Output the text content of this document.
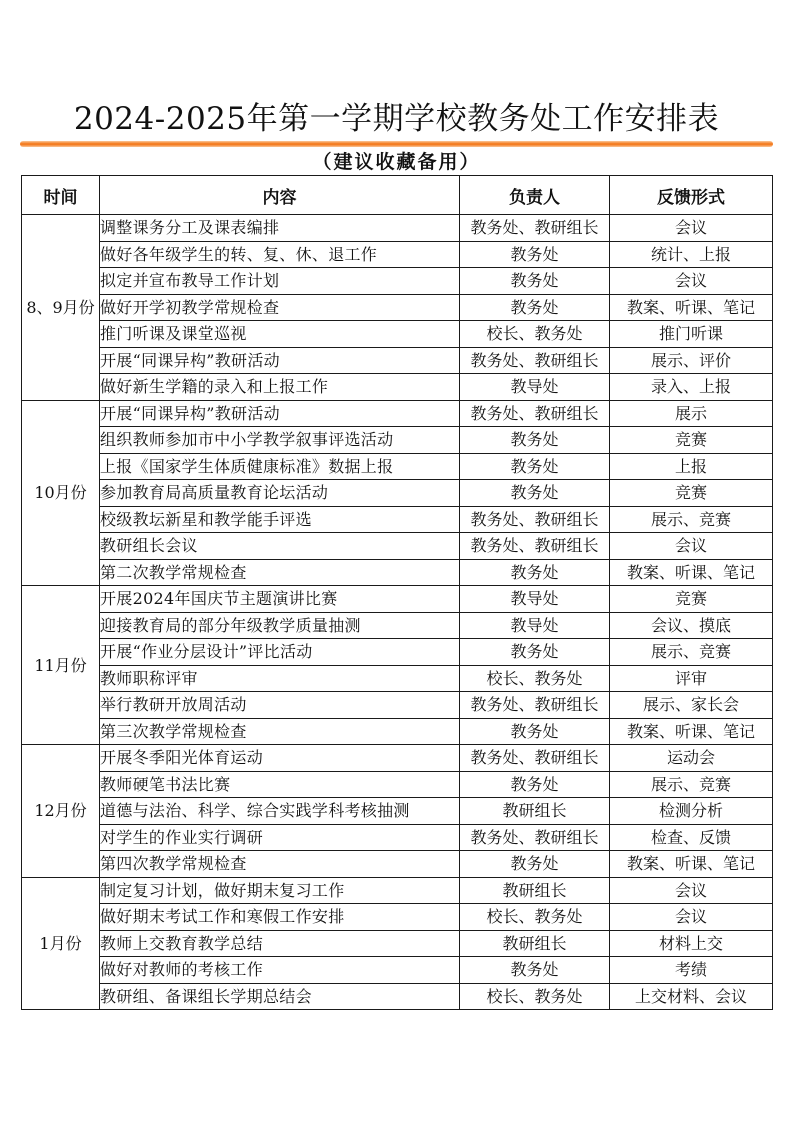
2024-2025年第一学期学校教务处工作安排表
（建议收藏备用）
时间	内容	负责人	反馈形式
8、9月份	调整课务分工及课表编排	教务处、教研组长	会议
	做好各年级学生的转、复、休、退工作	教务处	统计、上报
	拟定并宣布教导工作计划	教务处	会议
	做好开学初教学常规检查	教务处	教案、听课、笔记
	推门听课及课堂巡视	校长、教务处	推门听课
	开展“同课异构”教研活动	教务处、教研组长	展示、评价
	做好新生学籍的录入和上报工作	教导处	录入、上报
10月份	开展“同课异构”教研活动	教务处、教研组长	展示
	组织教师参加市中小学教学叙事评选活动	教务处	竞赛
	上报《国家学生体质健康标准》数据上报	教务处	上报
	参加教育局高质量教育论坛活动	教务处	竞赛
	校级教坛新星和教学能手评选	教务处、教研组长	展示、竞赛
	教研组长会议	教务处、教研组长	会议
	第二次教学常规检查	教务处	教案、听课、笔记
11月份	开展2024年国庆节主题演讲比赛	教导处	竞赛
	迎接教育局的部分年级教学质量抽测	教导处	会议、摸底
	开展“作业分层设计”评比活动	教务处	展示、竞赛
	教师职称评审	校长、教务处	评审
	举行教研开放周活动	教务处、教研组长	展示、家长会
	第三次教学常规检查	教务处	教案、听课、笔记
12月份	开展冬季阳光体育运动	教务处、教研组长	运动会
	教师硬笔书法比赛	教务处	展示、竞赛
	道德与法治、科学、综合实践学科考核抽测	教研组长	检测分析
	对学生的作业实行调研	教务处、教研组长	检查、反馈
	第四次教学常规检查	教务处	教案、听课、笔记
1月份	制定复习计划，做好期末复习工作	教研组长	会议
	做好期末考试工作和寒假工作安排	校长、教务处	会议
	教师上交教育教学总结	教研组长	材料上交
	做好对教师的考核工作	教务处	考绩
	教研组、备课组长学期总结会	校长、教务处	上交材料、会议
